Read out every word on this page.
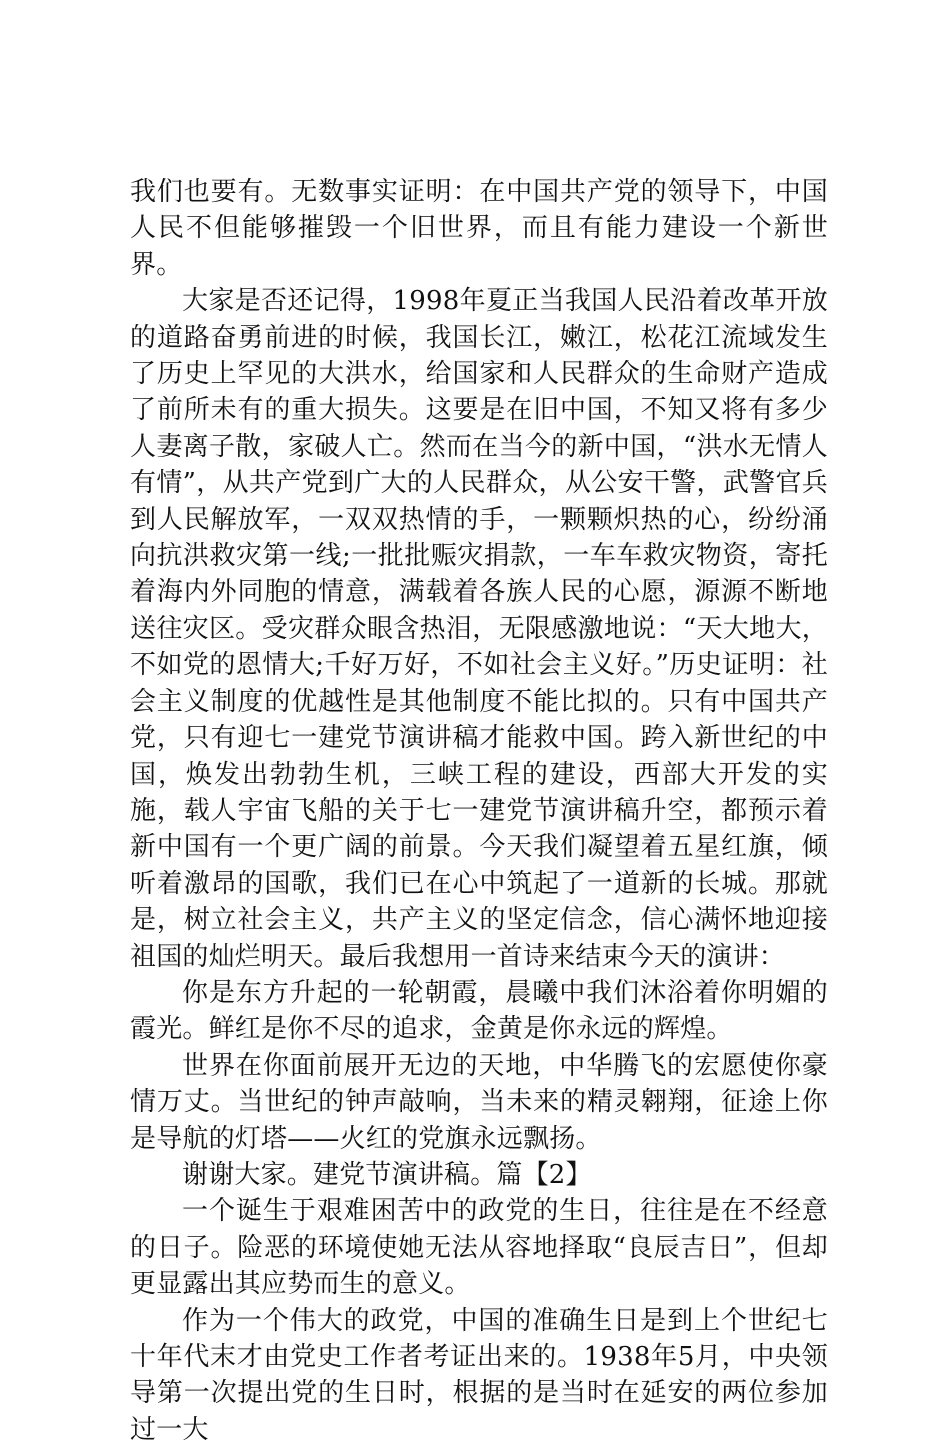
我们也要有。无数事实证明：在中国共产党的领导下，中国人民不但能够摧毁一个旧世界，而且有能力建设一个新世界。

大家是否还记得，1998年夏正当我国人民沿着改革开放的道路奋勇前进的时候，我国长江，嫩江，松花江流域发生了历史上罕见的大洪水，给国家和人民群众的生命财产造成了前所未有的重大损失。这要是在旧中国，不知又将有多少人妻离子散，家破人亡。然而在当今的新中国，“洪水无情人有情”，从共产党到广大的人民群众，从公安干警，武警官兵到人民解放军，一双双热情的手，一颗颗炽热的心，纷纷涌向抗洪救灾第一线;一批批赈灾捐款，一车车救灾物资，寄托着海内外同胞的情意，满载着各族人民的心愿，源源不断地送往灾区。受灾群众眼含热泪，无限感激地说：“天大地大，不如党的恩情大;千好万好，不如社会主义好。”历史证明：社会主义制度的优越性是其他制度不能比拟的。只有中国共产党，只有迎七一建党节演讲稿才能救中国。跨入新世纪的中国，焕发出勃勃生机，三峡工程的建设，西部大开发的实施，载人宇宙飞船的关于七一建党节演讲稿升空，都预示着新中国有一个更广阔的前景。今天我们凝望着五星红旗，倾听着激昂的国歌，我们已在心中筑起了一道新的长城。那就是，树立社会主义，共产主义的坚定信念，信心满怀地迎接祖国的灿烂明天。最后我想用一首诗来结束今天的演讲：

你是东方升起的一轮朝霞，晨曦中我们沐浴着你明媚的霞光。鲜红是你不尽的追求，金黄是你永远的辉煌。

世界在你面前展开无边的天地，中华腾飞的宏愿使你豪情万丈。当世纪的钟声敲响，当未来的精灵翱翔，征途上你是导航的灯塔——火红的党旗永远飘扬。

谢谢大家。建党节演讲稿。篇【2】

一个诞生于艰难困苦中的政党的生日，往往是在不经意的日子。险恶的环境使她无法从容地择取“良辰吉日”，但却更显露出其应势而生的意义。

作为一个伟大的政党，中国的准确生日是到上个世纪七十年代末才由党史工作者考证出来的。1938年5月，中央领导第一次提出党的生日时，根据的是当时在延安的两位参加过一大
